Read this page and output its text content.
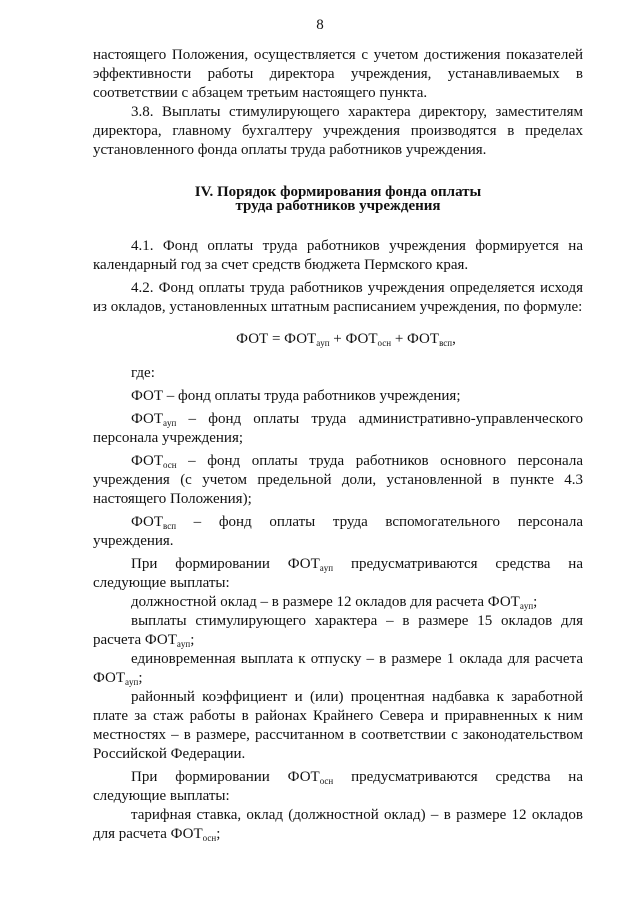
8

настоящего Положения, осуществляется с учетом достижения показателей эффективности работы директора учреждения, устанавливаемых в соответствии с абзацем третьим настоящего пункта.

3.8. Выплаты стимулирующего характера директору, заместителям директора, главному бухгалтеру учреждения производятся в пределах установленного фонда оплаты труда работников учреждения.

IV. Порядок формирования фонда оплаты
труда работников учреждения

4.1. Фонд оплаты труда работников учреждения формируется на календарный год за счет средств бюджета Пермского края.

4.2. Фонд оплаты труда работников учреждения определяется исходя из окладов, установленных штатным расписанием учреждения, по формуле:

ФОТ = $ФОТ_{аyп} + ФОТ_{осн} + ФОТ_{всп}$,

где:

ФОТ – фонд оплаты труда работников учреждения;

$ФОТ_{аyп}$ – фонд оплаты труда административно-управленческого персонала учреждения;

$ФОТ_{осн}$ – фонд оплаты труда работников основного персонала учреждения (с учетом предельной доли, установленной в пункте 4.3 настоящего Положения);

$ФОТ_{всп}$ – фонд оплаты труда вспомогательного персонала учреждения.

При формировании $ФОТ_{аyп}$ предусматриваются средства на следующие выплаты:

должностной оклад – в размере 12 окладов для расчета $ФОТ_{аyп}$;

выплаты стимулирующего характера – в размере 15 окладов для расчета $ФОТ_{аyп}$;

единовременная выплата к отпуску – в размере 1 оклада для расчета $ФОТ_{аyп}$;

районный коэффициент и (или) процентная надбавка к заработной плате за стаж работы в районах Крайнего Севера и приравненных к ним местностях – в размере, рассчитанном в соответствии с законодательством Российской Федерации.

При формировании $ФОТ_{осн}$ предусматриваются средства на следующие выплаты:

тарифная ставка, оклад (должностной оклад) – в размере 12 окладов для расчета $ФОТ_{осн}$;
